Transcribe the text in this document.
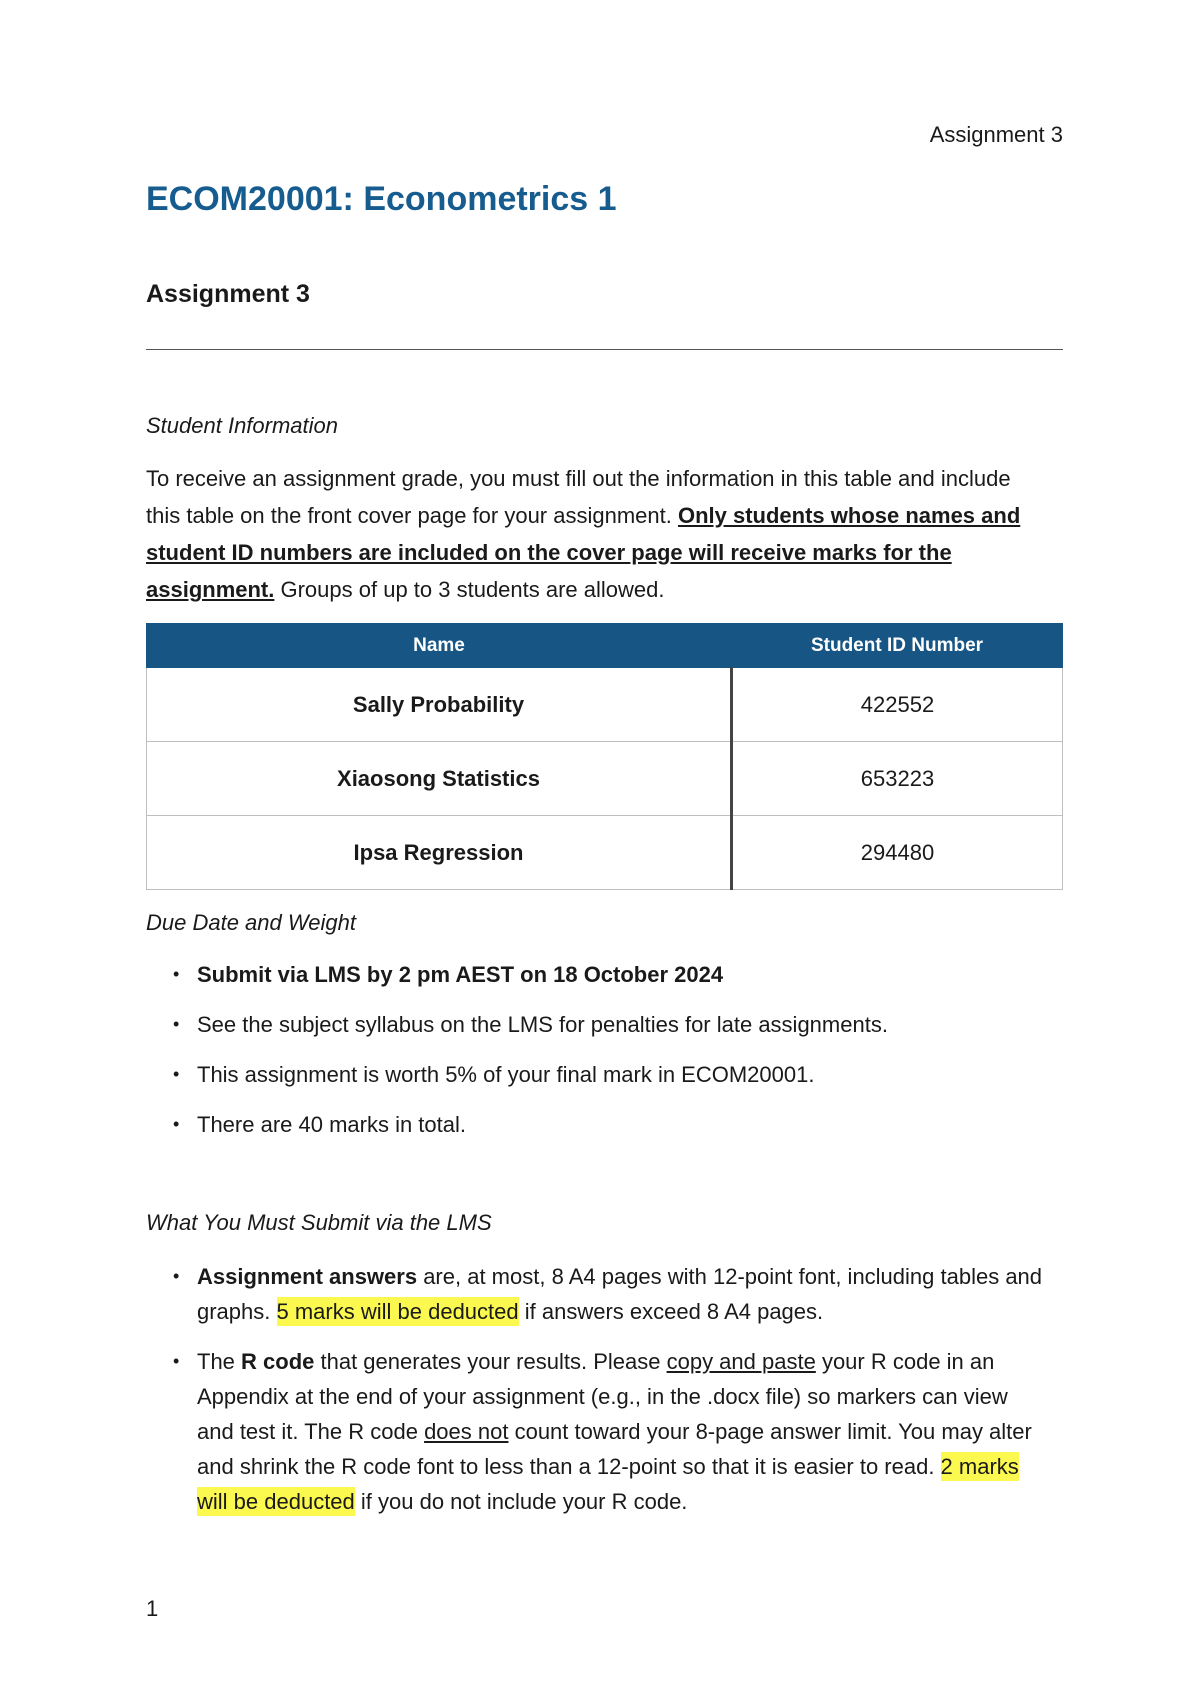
Assignment 3
ECOM20001: Econometrics 1
Assignment 3

Student Information

To receive an assignment grade, you must fill out the information in this table and include this table on the front cover page for your assignment. Only students whose names and student ID numbers are included on the cover page will receive marks for the assignment. Groups of up to 3 students are allowed.

Name	Student ID Number
Sally Probability	422552
Xiaosong Statistics	653223
Ipsa Regression	294480

Due Date and Weight

• Submit via LMS by 2 pm AEST on 18 October 2024
• See the subject syllabus on the LMS for penalties for late assignments.
• This assignment is worth 5% of your final mark in ECOM20001.
• There are 40 marks in total.

What You Must Submit via the LMS

• Assignment answers are, at most, 8 A4 pages with 12-point font, including tables and graphs. 5 marks will be deducted if answers exceed 8 A4 pages.
• The R code that generates your results. Please copy and paste your R code in an Appendix at the end of your assignment (e.g., in the .docx file) so markers can view and test it. The R code does not count toward your 8-page answer limit. You may alter and shrink the R code font to less than a 12-point so that it is easier to read. 2 marks will be deducted if you do not include your R code.
1
